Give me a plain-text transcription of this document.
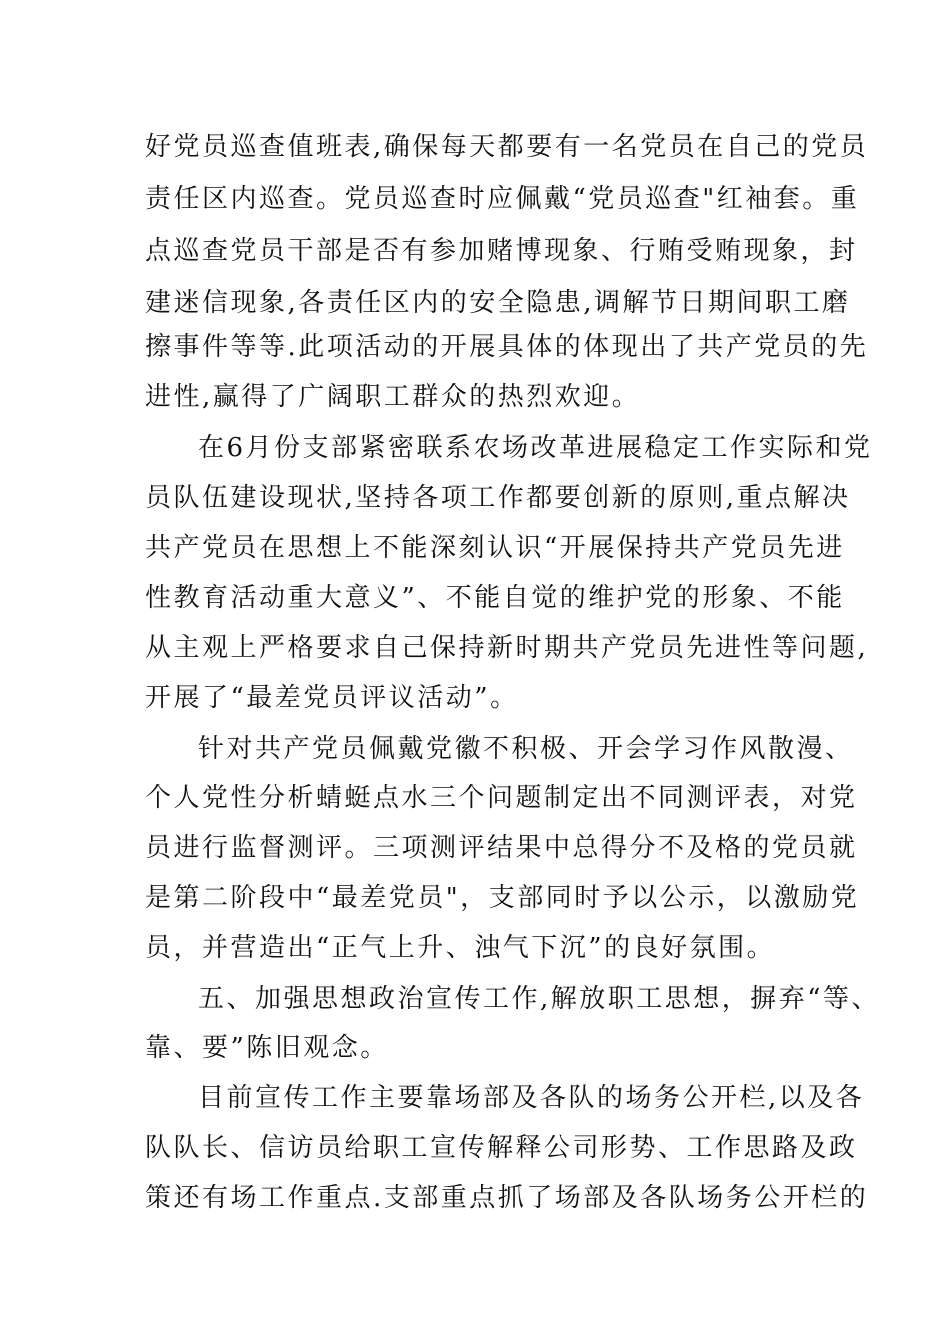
好党员巡查值班表,确保每天都要有一名党员在自己的党员
责任区内巡查。党员巡查时应佩戴“党员巡查"红袖套。重
点巡查党员干部是否有参加赌博现象、行贿受贿现象，封
建迷信现象,各责任区内的安全隐患,调解节日期间职工磨
擦事件等等.此项活动的开展具体的体现出了共产党员的先
进性,赢得了广阔职工群众的热烈欢迎。
在6月份支部紧密联系农场改革进展稳定工作实际和党
员队伍建设现状,坚持各项工作都要创新的原则,重点解决
共产党员在思想上不能深刻认识“开展保持共产党员先进
性教育活动重大意义”、不能自觉的维护党的形象、不能
从主观上严格要求自己保持新时期共产党员先进性等问题,
开展了“最差党员评议活动”。
针对共产党员佩戴党徽不积极、开会学习作风散漫、
个人党性分析蜻蜓点水三个问题制定出不同测评表，对党
员进行监督测评。三项测评结果中总得分不及格的党员就
是第二阶段中“最差党员"，支部同时予以公示，以激励党
员，并营造出“正气上升、浊气下沉”的良好氛围。
五、加强思想政治宣传工作,解放职工思想，摒弃“等、
靠、要”陈旧观念。
目前宣传工作主要靠场部及各队的场务公开栏,以及各
队队长、信访员给职工宣传解释公司形势、工作思路及政
策还有场工作重点.支部重点抓了场部及各队场务公开栏的
